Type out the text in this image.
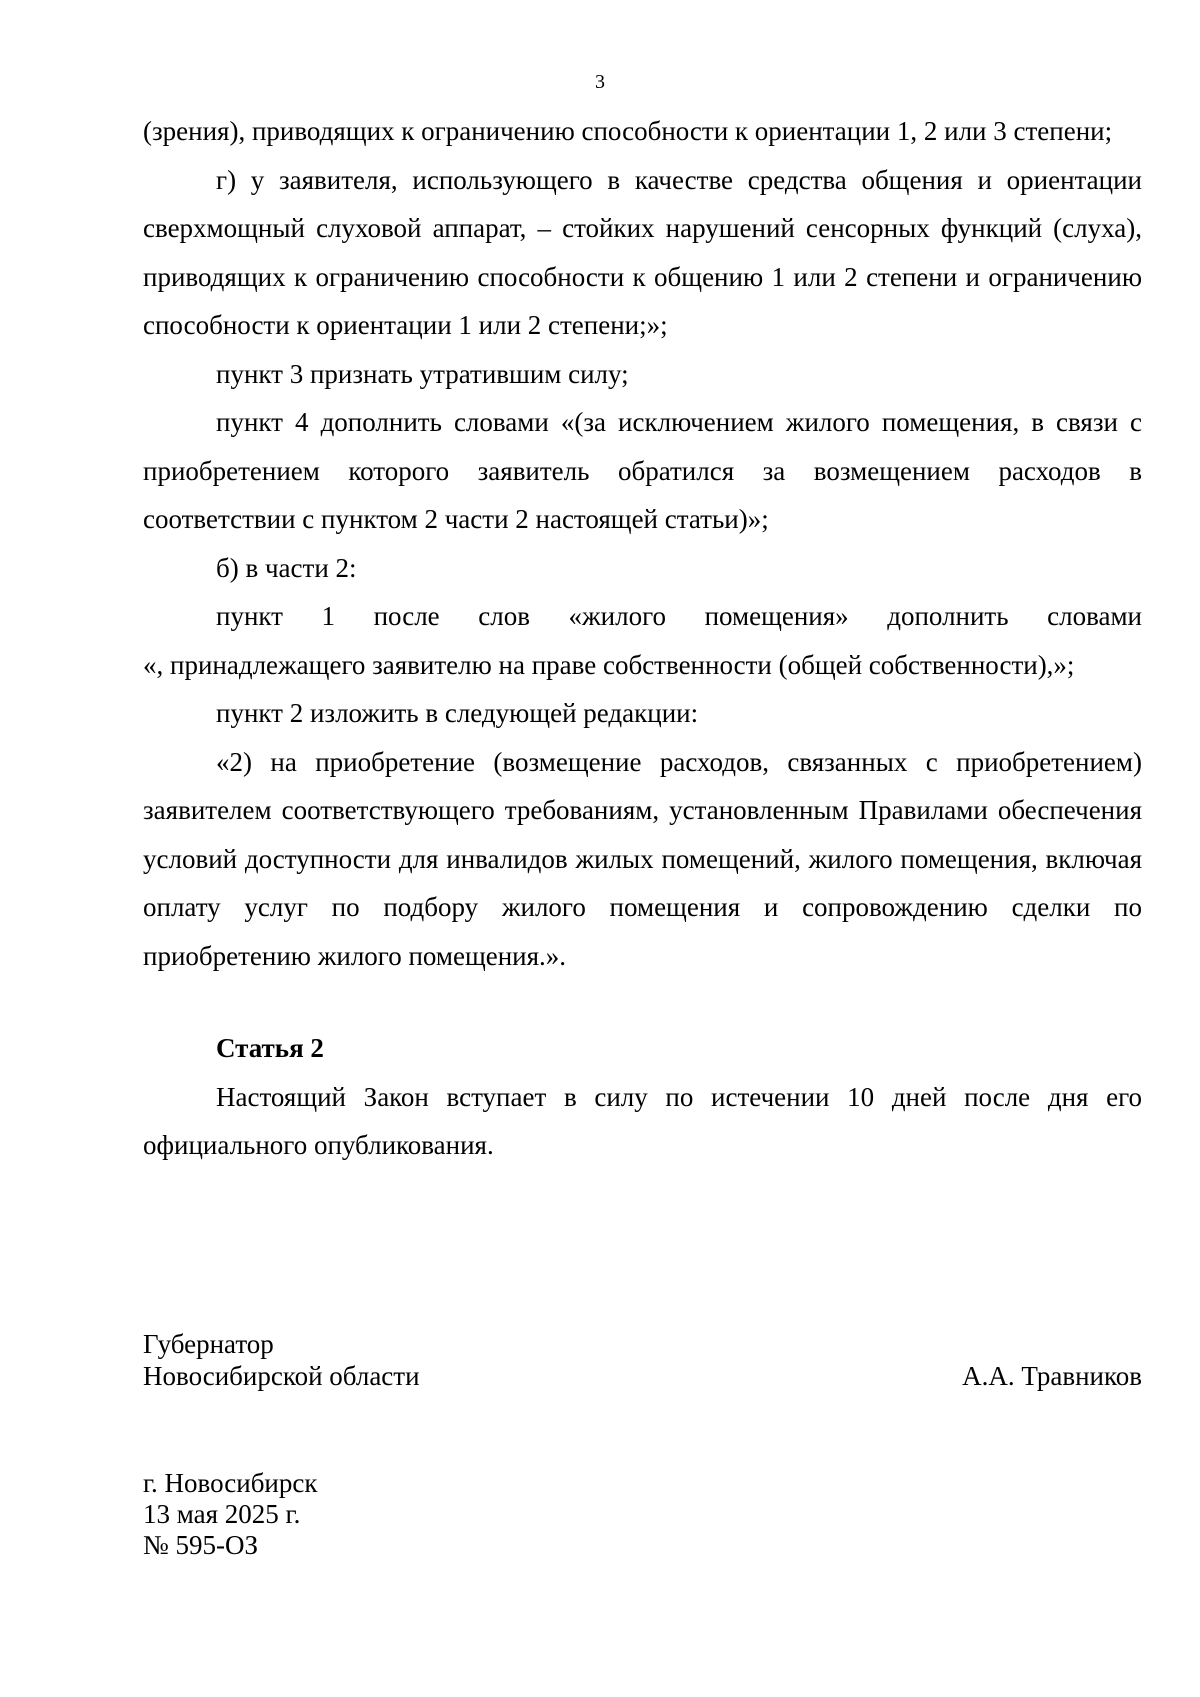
3

(зрения), приводящих к ограничению способности к ориентации 1, 2 или 3 степени;

г) у заявителя, использующего в качестве средства общения и ориентации сверхмощный слуховой аппарат, – стойких нарушений сенсорных функций (слуха), приводящих к ограничению способности к общению 1 или 2 степени и ограничению способности к ориентации 1 или 2 степени;»;

пункт 3 признать утратившим силу;

пункт 4 дополнить словами «(за исключением жилого помещения, в связи с приобретением которого заявитель обратился за возмещением расходов в соответствии с пунктом 2 части 2 настоящей статьи)»;

б) в части 2:

пункт 1 после слов «жилого помещения» дополнить словами

«, принадлежащего заявителю на праве собственности (общей собственности),»;

пункт 2 изложить в следующей редакции:

«2) на приобретение (возмещение расходов, связанных с приобретением) заявителем соответствующего требованиям, установленным Правилами обеспечения условий доступности для инвалидов жилых помещений, жилого помещения, включая оплату услуг по подбору жилого помещения и сопровождению сделки по приобретению жилого помещения.».

Статья 2

Настоящий Закон вступает в силу по истечении 10 дней после дня его официального опубликования.

Губернатор
Новосибирской области	А.А. Травников
г. Новосибирск
13 мая 2025 г.
№ 595-ОЗ
